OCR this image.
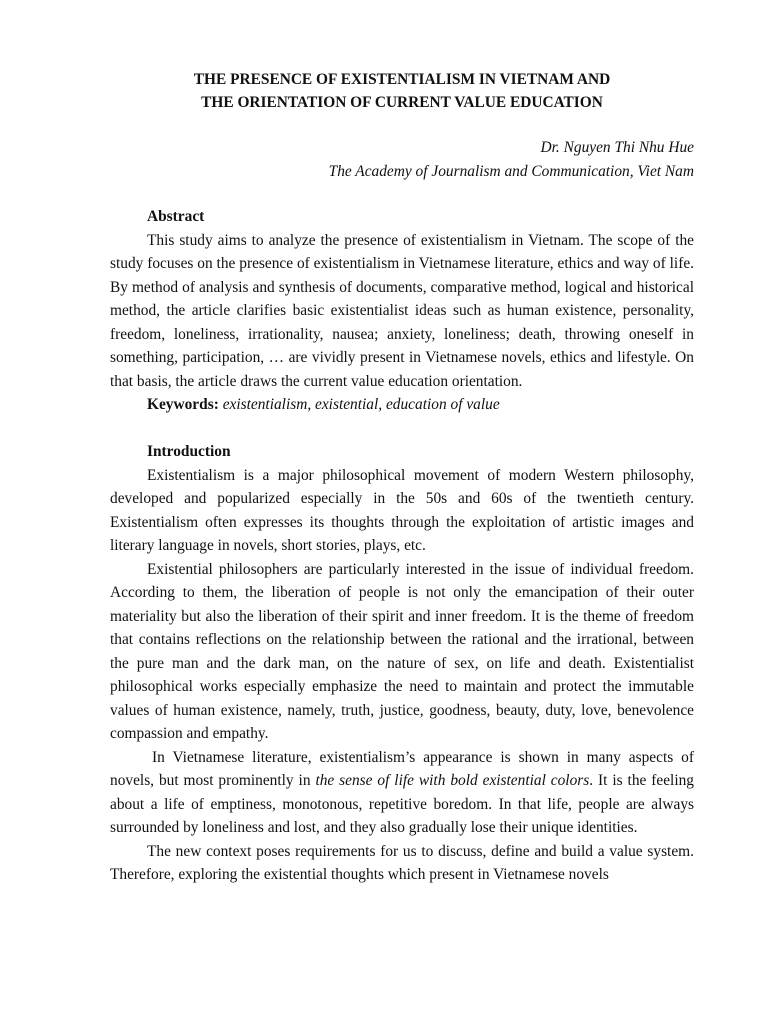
THE PRESENCE OF EXISTENTIALISM IN VIETNAM AND
THE ORIENTATION OF CURRENT VALUE EDUCATION
Dr. Nguyen Thi Nhu Hue
The Academy of Journalism and Communication, Viet Nam
Abstract

This study aims to analyze the presence of existentialism in Vietnam. The scope of the study focuses on the presence of existentialism in Vietnamese literature, ethics and way of life. By method of analysis and synthesis of documents, comparative method, logical and historical method, the article clarifies basic existentialist ideas such as human existence, personality, freedom, loneliness, irrationality, nausea; anxiety, loneliness; death, throwing oneself in something, participation, … are vividly present in Vietnamese novels, ethics and lifestyle. On that basis, the article draws the current value education orientation.

Keywords: existentialism, existential, education of value

Introduction

Existentialism is a major philosophical movement of modern Western philosophy, developed and popularized especially in the 50s and 60s of the twentieth century. Existentialism often expresses its thoughts through the exploitation of artistic images and literary language in novels, short stories, plays, etc.

Existential philosophers are particularly interested in the issue of individual freedom. According to them, the liberation of people is not only the emancipation of their outer materiality but also the liberation of their spirit and inner freedom. It is the theme of freedom that contains reflections on the relationship between the rational and the irrational, between the pure man and the dark man, on the nature of sex, on life and death. Existentialist philosophical works especially emphasize the need to maintain and protect the immutable values of human existence, namely, truth, justice, goodness, beauty, duty, love, benevolence compassion and empathy.

In Vietnamese literature, existentialism’s appearance is shown in many aspects of novels, but most prominently in the sense of life with bold existential colors. It is the feeling about a life of emptiness, monotonous, repetitive boredom. In that life, people are always surrounded by loneliness and lost, and they also gradually lose their unique identities.

The new context poses requirements for us to discuss, define and build a value system. Therefore, exploring the existential thoughts which present in Vietnamese novels
